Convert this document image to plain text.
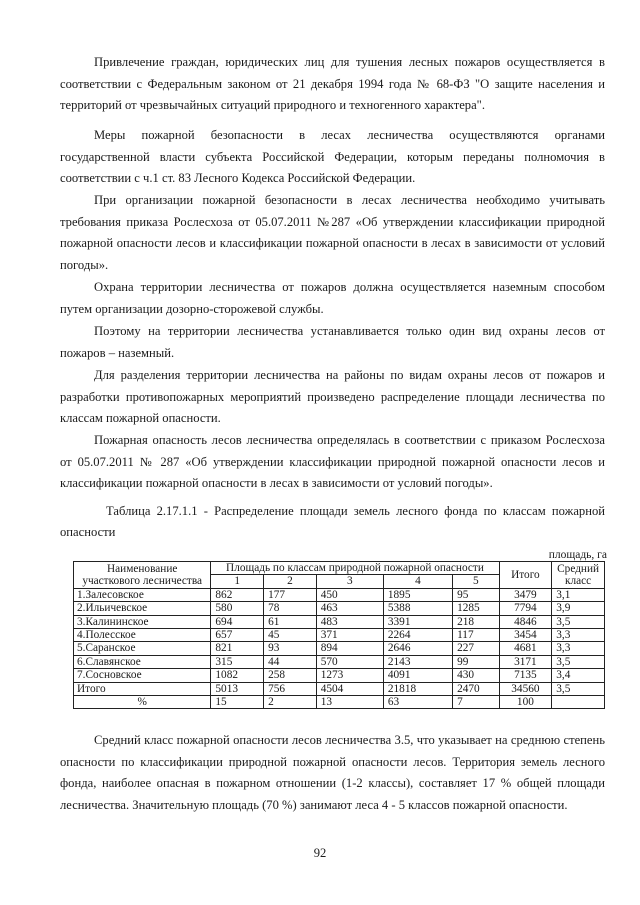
Привлечение граждан, юридических лиц для тушения лесных пожаров осуществляется в соответствии с Федеральным законом от 21 декабря 1994 года № 68-ФЗ "О защите населения и территорий от чрезвычайных ситуаций природного и техногенного характера".

Меры пожарной безопасности в лесах лесничества осуществляются органами государственной власти субъекта Российской Федерации, которым переданы полномочия в соответствии с ч.1 ст. 83 Лесного Кодекса Российской Федерации.

При организации пожарной безопасности в лесах лесничества необходимо учитывать требования приказа Рослесхоза от 05.07.2011 №287 «Об утверждении классификации природной пожарной опасности лесов и классификации пожарной опасности в лесах в зависимости от условий погоды».

Охрана территории лесничества от пожаров должна осуществляется наземным способом путем организации дозорно-сторожевой службы.

Поэтому на территории лесничества устанавливается только один вид охраны лесов от пожаров – наземный.

Для разделения территории лесничества на районы по видам охраны лесов от пожаров и разработки противопожарных мероприятий произведено распределение площади лесничества по классам пожарной опасности.

Пожарная опасность лесов лесничества определялась в соответствии с приказом Рослесхоза от 05.07.2011 № 287 «Об утверждении классификации природной пожарной опасности лесов и классификации пожарной опасности в лесах в зависимости от условий погоды».

Таблица 2.17.1.1 - Распределение площади земель лесного фонда по классам пожарной опасности

площадь, га
Наименование участкового лесничества	Площадь по классам природной пожарной опасности					Итого	Средний класс
	1	2	3	4	5		
1.Залесовское	862	177	450	1895	95	3479	3,1
2.Ильичевское	580	78	463	5388	1285	7794	3,9
3.Калининское	694	61	483	3391	218	4846	3,5
4.Полесское	657	45	371	2264	117	3454	3,3
5.Саранское	821	93	894	2646	227	4681	3,3
6.Славянское	315	44	570	2143	99	3171	3,5
7.Сосновское	1082	258	1273	4091	430	7135	3,4
Итого	5013	756	4504	21818	2470	34560	3,5
%	15	2	13	63	7	100	

Средний класс пожарной опасности лесов лесничества 3.5, что указывает на среднюю степень опасности по классификации природной пожарной опасности лесов. Территория земель лесного фонда, наиболее опасная в пожарном отношении (1-2 классы), составляет 17 % общей площади лесничества. Значительную площадь (70 %) занимают леса 4 - 5 классов пожарной опасности.

92
